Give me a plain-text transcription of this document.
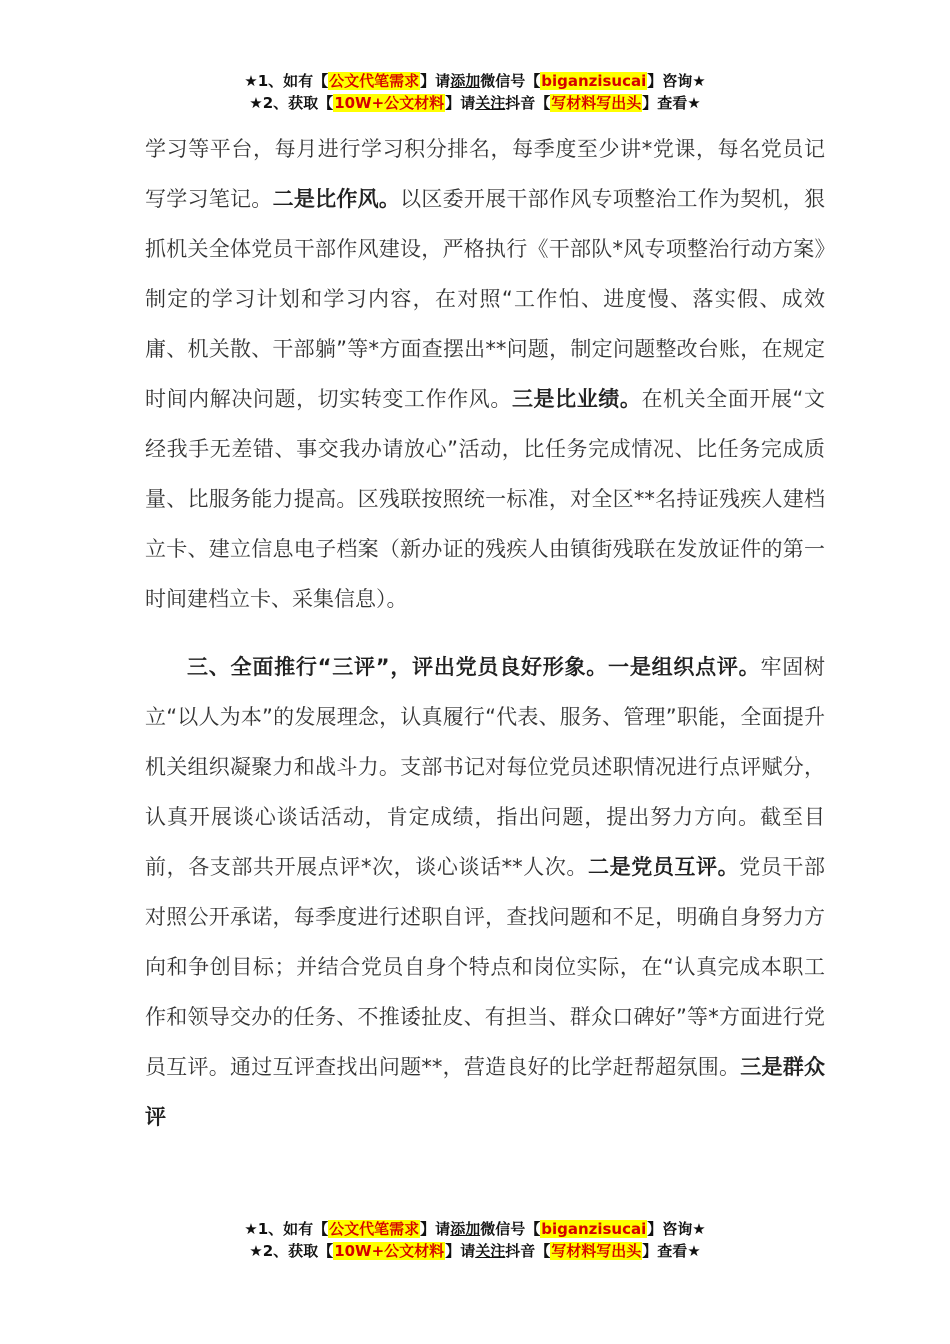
★1、如有【公文代笔需求】请添加微信号【biganzisucai】咨询★
★2、获取【10W+公文材料】请关注抖音【写材料写出头】查看★

学习等平台，每月进行学习积分排名，每季度至少讲*党课，每名党员记写学习笔记。二是比作风。以区委开展干部作风专项整治工作为契机，狠抓机关全体党员干部作风建设，严格执行《干部队*风专项整治行动方案》制定的学习计划和学习内容，在对照“工作怕、进度慢、落实假、成效庸、机关散、干部躺”等*方面查摆出**问题，制定问题整改台账，在规定时间内解决问题，切实转变工作作风。三是比业绩。在机关全面开展“文经我手无差错、事交我办请放心”活动，比任务完成情况、比任务完成质量、比服务能力提高。区残联按照统一标准，对全区**名持证残疾人建档立卡、建立信息电子档案（新办证的残疾人由镇街残联在发放证件的第一时间建档立卡、采集信息）。

三、全面推行“三评”，评出党员良好形象。一是组织点评。牢固树立“以人为本”的发展理念，认真履行“代表、服务、管理”职能，全面提升机关组织凝聚力和战斗力。支部书记对每位党员述职情况进行点评赋分，认真开展谈心谈话活动，肯定成绩，指出问题，提出努力方向。截至目前，各支部共开展点评*次，谈心谈话**人次。二是党员互评。党员干部对照公开承诺，每季度进行述职自评，查找问题和不足，明确自身努力方向和争创目标；并结合党员自身个特点和岗位实际，在“认真完成本职工作和领导交办的任务、不推诿扯皮、有担当、群众口碑好”等*方面进行党员互评。通过互评查找出问题**，营造良好的比学赶帮超氛围。三是群众评

★1、如有【公文代笔需求】请添加微信号【biganzisucai】咨询★
★2、获取【10W+公文材料】请关注抖音【写材料写出头】查看★
